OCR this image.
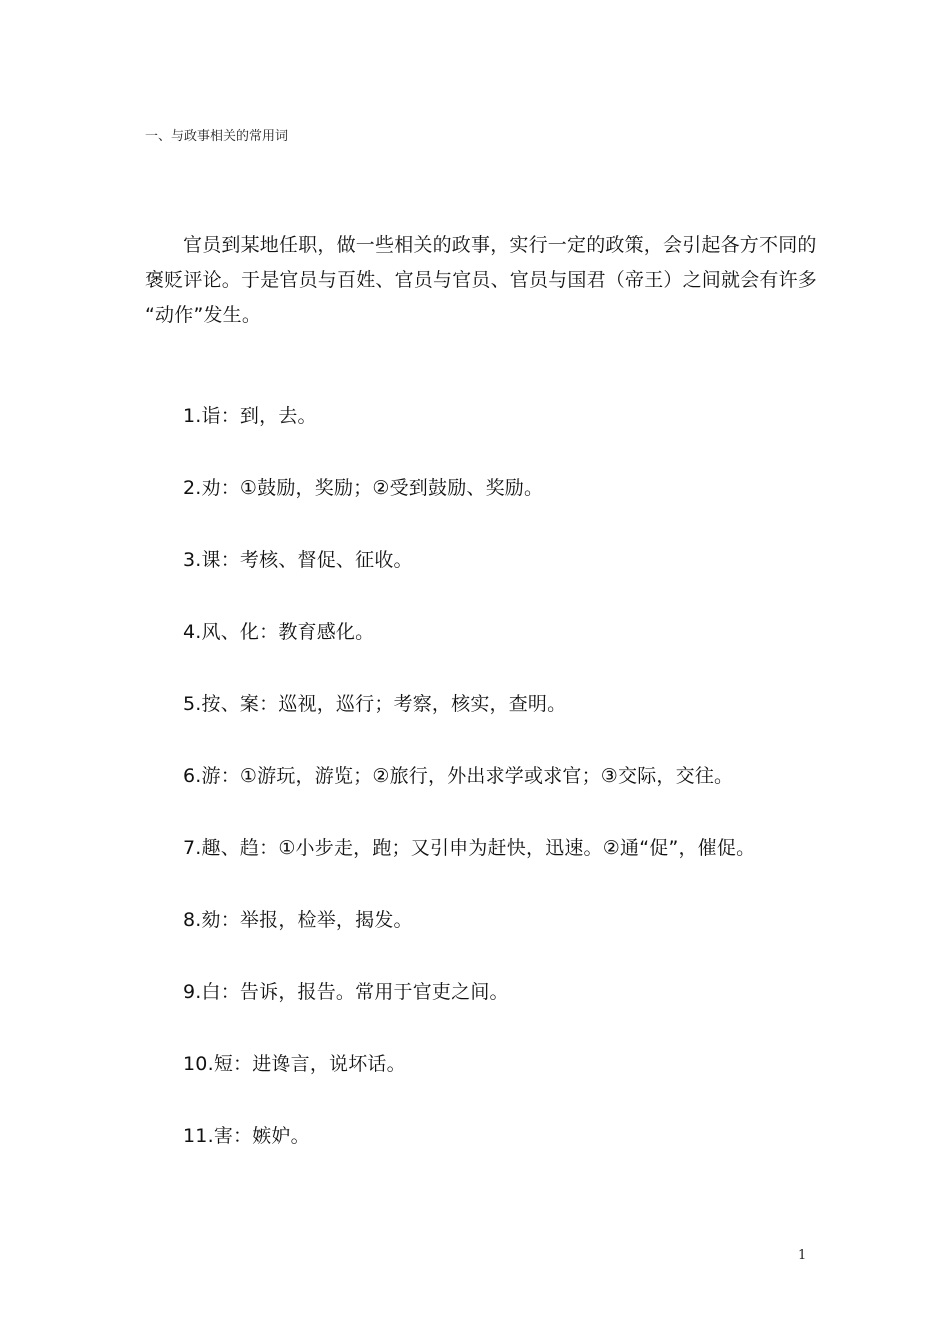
一、与政事相关的常用词

官员到某地任职，做一些相关的政事，实行一定的政策，会引起各方不同的

褒贬评论。于是官员与百姓、官员与官员、官员与国君（帝王）之间就会有许多

“动作”发生。

1.诣：到，去。
2.劝：①鼓励，奖励；②受到鼓励、奖励。
3.课：考核、督促、征收。
4.风、化：教育感化。
5.按、案：巡视，巡行；考察，核实，查明。
6.游：①游玩，游览；②旅行，外出求学或求官；③交际，交往。
7.趣、趋：①小步走，跑；又引申为赶快，迅速。②通“促”，催促。
8.劾：举报，检举，揭发。
9.白：告诉，报告。常用于官吏之间。
10.短：进谗言，说坏话。
11.害：嫉妒。
1
